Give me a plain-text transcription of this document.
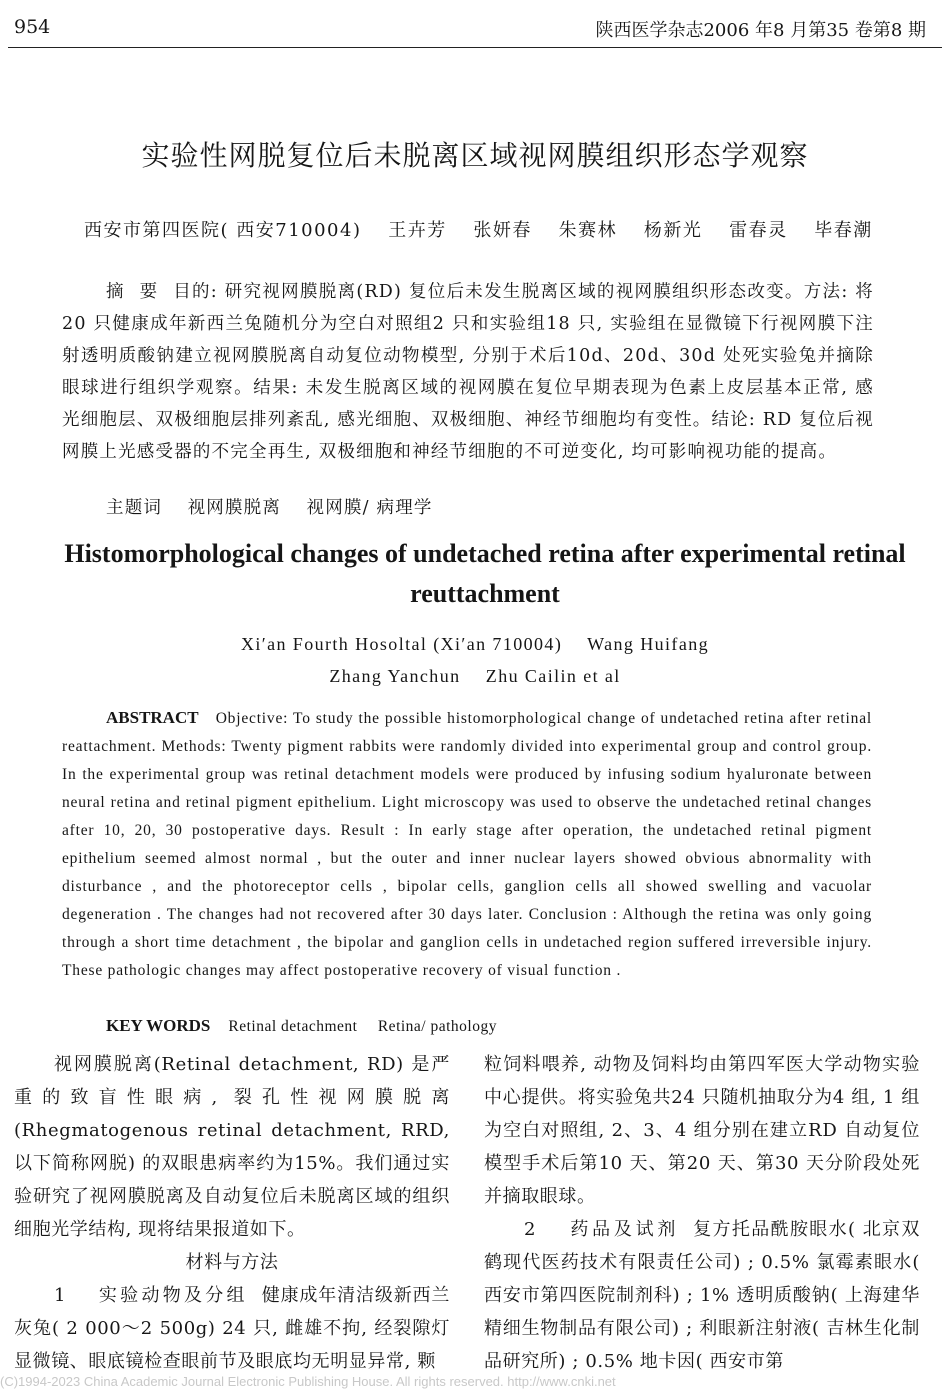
954	陕西医学杂志2006 年8 月第35 卷第8 期
实验性网脱复位后未脱离区域视网膜组织形态学观察
西安市第四医院( 西安710004)　 王卉芳　 张妍春　 朱赛林　 杨新光　 雷春灵　 毕春潮
摘要目的: 研究视网膜脱离(RD) 复位后未发生脱离区域的视网膜组织形态改变。方法: 将20 只健康成年新西兰兔随机分为空白对照组2 只和实验组18 只, 实验组在显微镜下行视网膜下注射透明质酸钠建立视网膜脱离自动复位动物模型, 分别于术后10d、20d、30d 处死实验兔并摘除眼球进行组织学观察。结果: 未发生脱离区域的视网膜在复位早期表现为色素上皮层基本正常, 感光细胞层、双极细胞层排列紊乱, 感光细胞、双极细胞、神经节细胞均有变性。结论: RD 复位后视网膜上光感受器的不完全再生, 双极细胞和神经节细胞的不可逆变化, 均可影响视功能的提高。
主题词　 视网膜脱离　 视网膜/ 病理学
Histomorphological changes of undetached retina after experimental retinal　 reuttachment
Xi′an Fourth Hosoltal (Xi′an 710004)　 Wang Huifang
Zhang Yanchun　 Zhu Cailin et al
ABSTRACT　 Objective: To study the possible histomorphological change of undetached retina after retinal reattachment. Methods: Twenty pigment rabbits were randomly divided into experimental group and control group. In the experimental group was retinal detachment models were produced by infusing sodium hyaluronate between neural retina and retinal pigment epithelium. Light microscopy was used to observe the undetached retinal changes after 10, 20, 30 postoperative days. Result : In early stage after operation, the undetached retinal pigment epithelium seemed almost normal , but the outer and inner nuclear layers showed obvious abnormality with disturbance , and the photoreceptor cells , bipolar cells, ganglion cells all showed swelling and vacuolar degeneration . The changes had not recovered after 30 days later. Conclusion : Although the retina was only going through a short time detachment , the bipolar and ganglion cells in undetached region suffered irreversible injury. These pathologic changes may affect postoperative recovery of visual function .
KEY WORDS Retinal detachment　 Retina/ pathology

视网膜脱离(Retinal detachment, RD) 是严重的致盲性眼病, 裂孔性视网膜脱离(Rhegmatogenous retinal detachment, RRD, 以下简称网脱) 的双眼患病率约为15%。我们通过实验研究了视网膜脱离及自动复位后未脱离区域的组织细胞光学结构, 现将结果报道如下。

材料与方法

1　 实验动物及分组 健康成年清洁级新西兰灰兔( 2 000～2 500g) 24 只, 雌雄不拘, 经裂隙灯显微镜、眼底镜检查眼前节及眼底均无明显异常, 颗

粒饲料喂养, 动物及饲料均由第四军医大学动物实验中心提供。将实验兔共24 只随机抽取分为4 组, 1 组为空白对照组, 2、3、4 组分别在建立RD 自动复位模型手术后第10 天、第20 天、第30 天分阶段处死并摘取眼球。

2　 药品及试剂 复方托品酰胺眼水( 北京双鹤现代医药技术有限责任公司) ; 0.5% 氯霉素眼水( 西安市第四医院制剂科) ; 1% 透明质酸钠( 上海建华精细生物制品有限公司) ; 利眼新注射液( 吉林生化制品研究所) ; 0.5% 地卡因( 西安市第

(C)1994-2023 China Academic Journal Electronic Publishing House. All rights reserved. http://www.cnki.net
